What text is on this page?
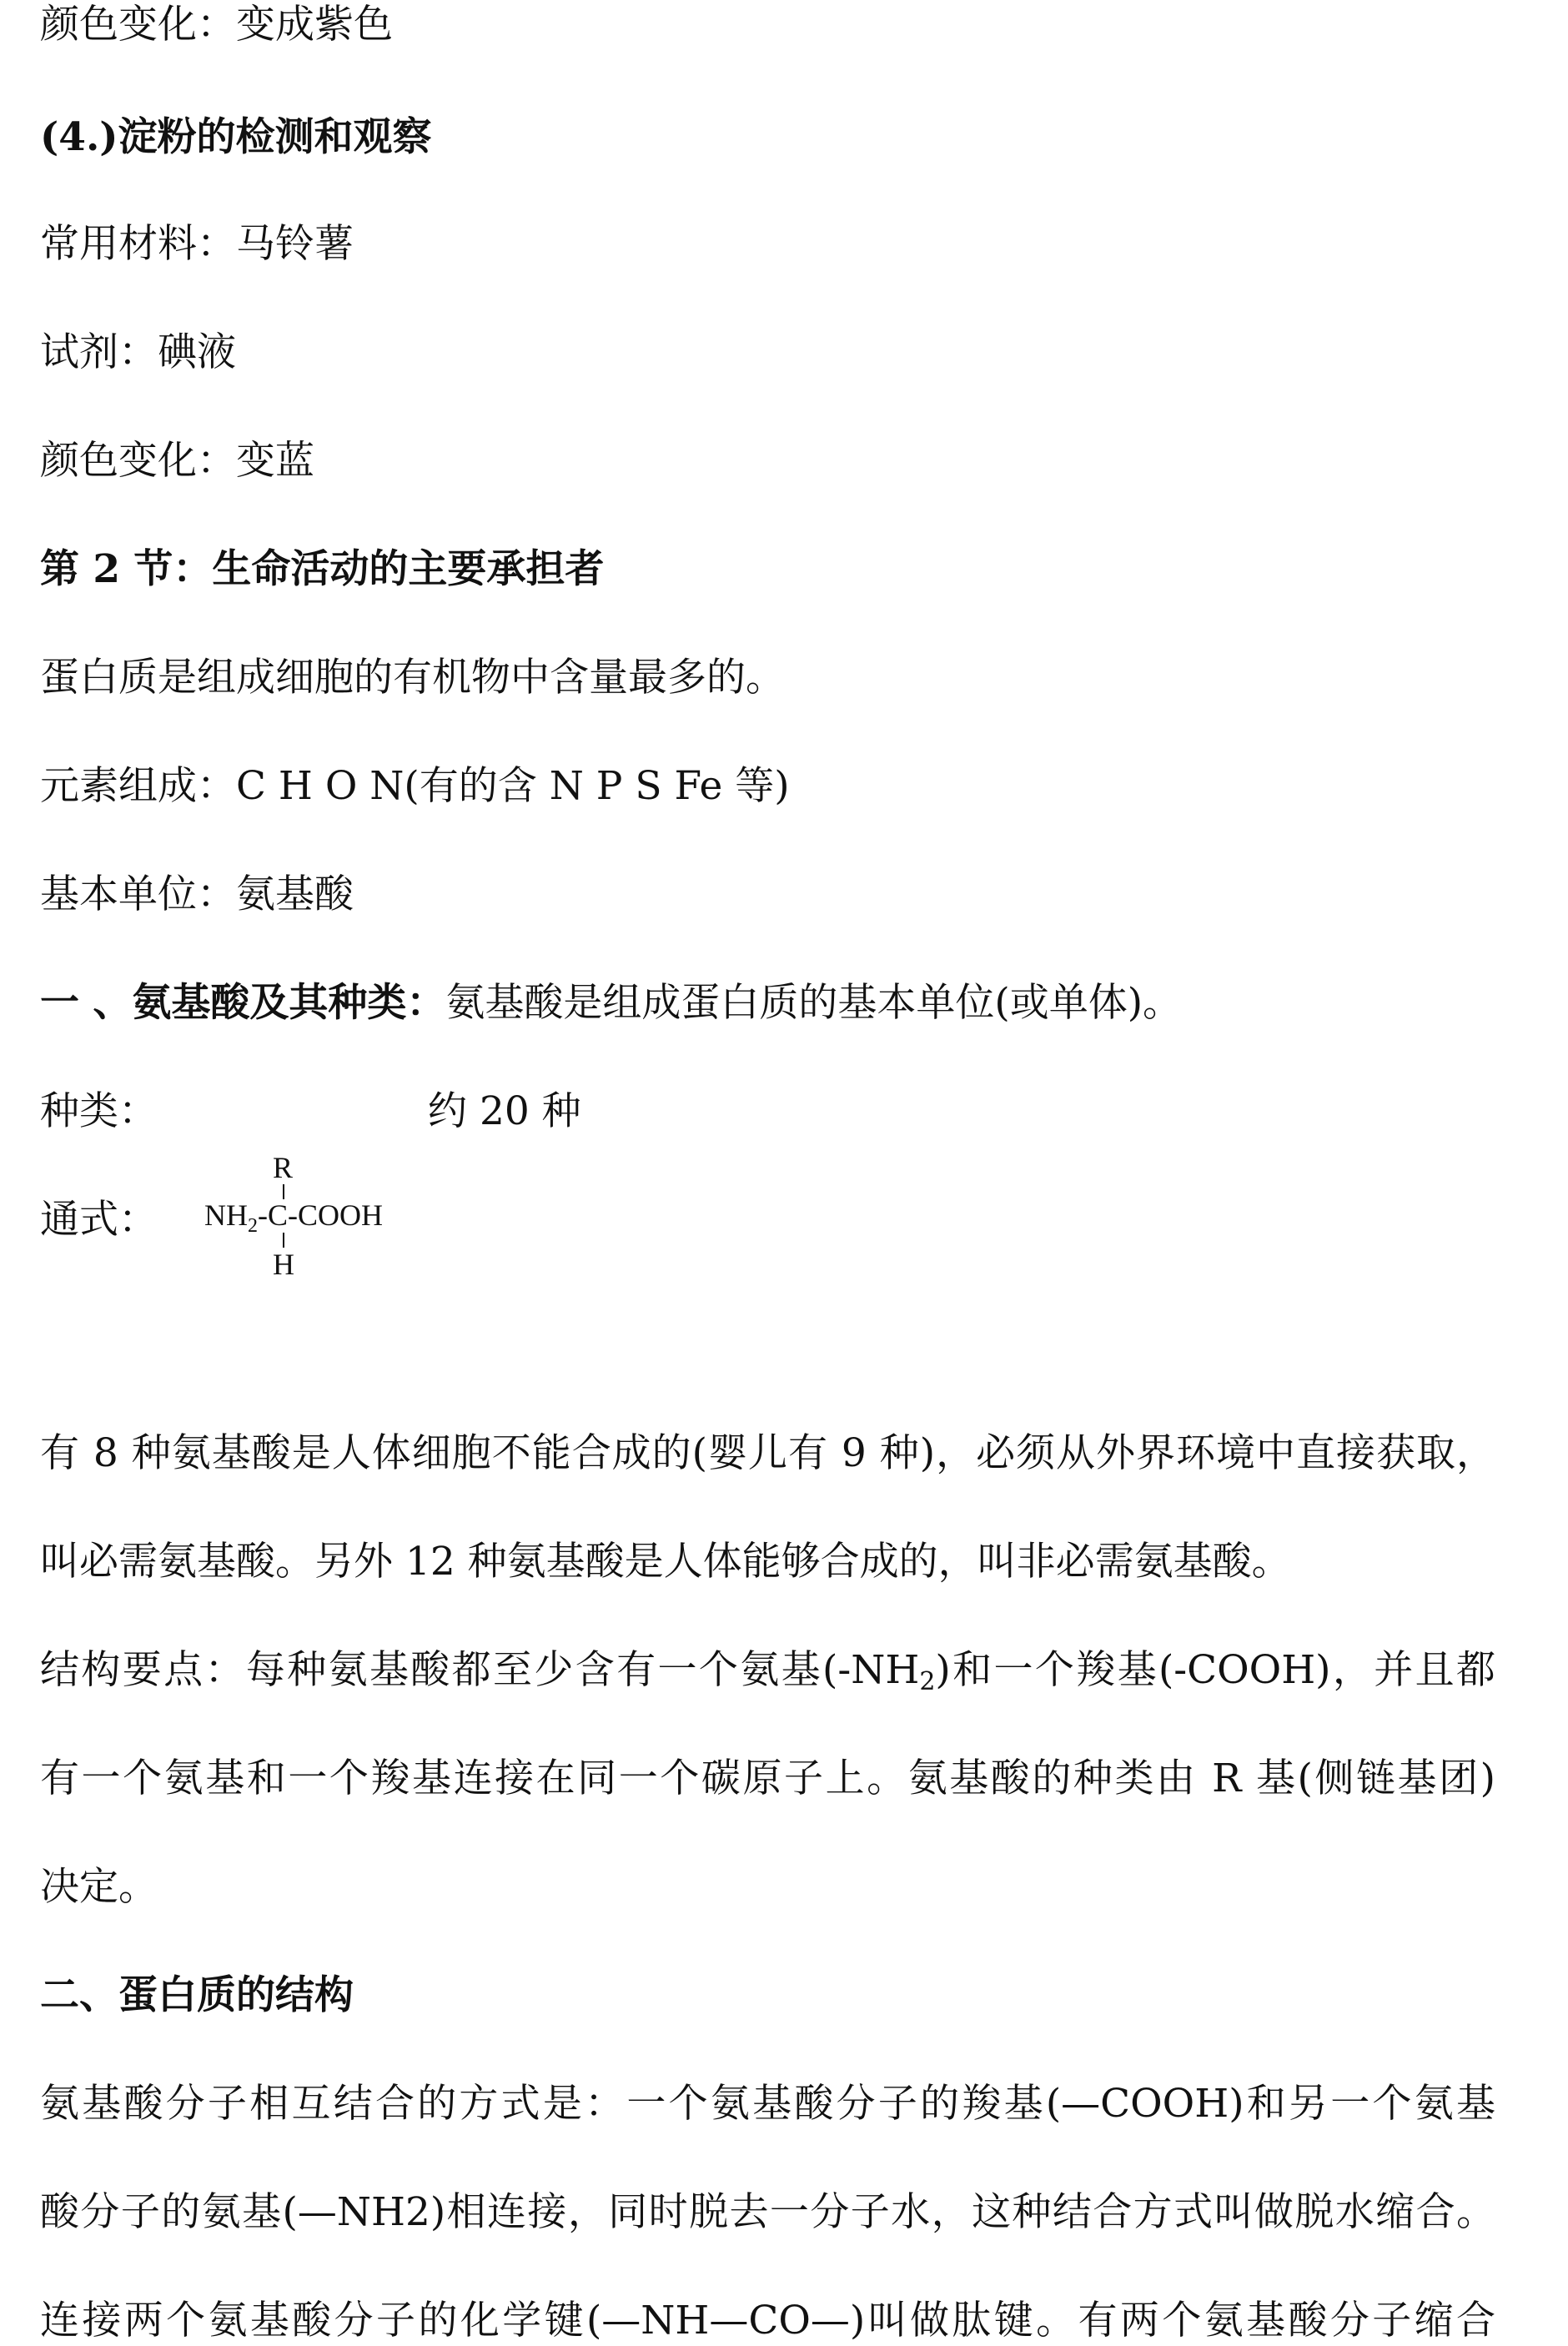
颜色变化：变成紫色
(4.)淀粉的检测和观察
常用材料：马铃薯
试剂：碘液
颜色变化：变蓝
第 2 节：生命活动的主要承担者
蛋白质是组成细胞的有机物中含量最多的。
元素组成：C H O N(有的含 N P S Fe 等)
基本单位：氨基酸
一 、氨基酸及其种类：氨基酸是组成蛋白质的基本单位(或单体)。
种类：	约 20 种
通式：
R
$NH_2-C$-COOH
H
有 8 种氨基酸是人体细胞不能合成的(婴儿有 9 种)，必须从外界环境中直接获取，
叫必需氨基酸。另外 12 种氨基酸是人体能够合成的，叫非必需氨基酸。
结构要点：每种氨基酸都至少含有一个氨基$(-NH_2)$和一个羧基(-COOH)，并且都
有一个氨基和一个羧基连接在同一个碳原子上。氨基酸的种类由 R 基(侧链基团)
决定。
二、蛋白质的结构
氨基酸分子相互结合的方式是：一个氨基酸分子的羧基(—COOH)和另一个氨基
酸分子的氨基(—NH2)相连接，同时脱去一分子水，这种结合方式叫做脱水缩合。
连接两个氨基酸分子的化学键(—NH—CO—)叫做肽键。有两个氨基酸分子缩合
